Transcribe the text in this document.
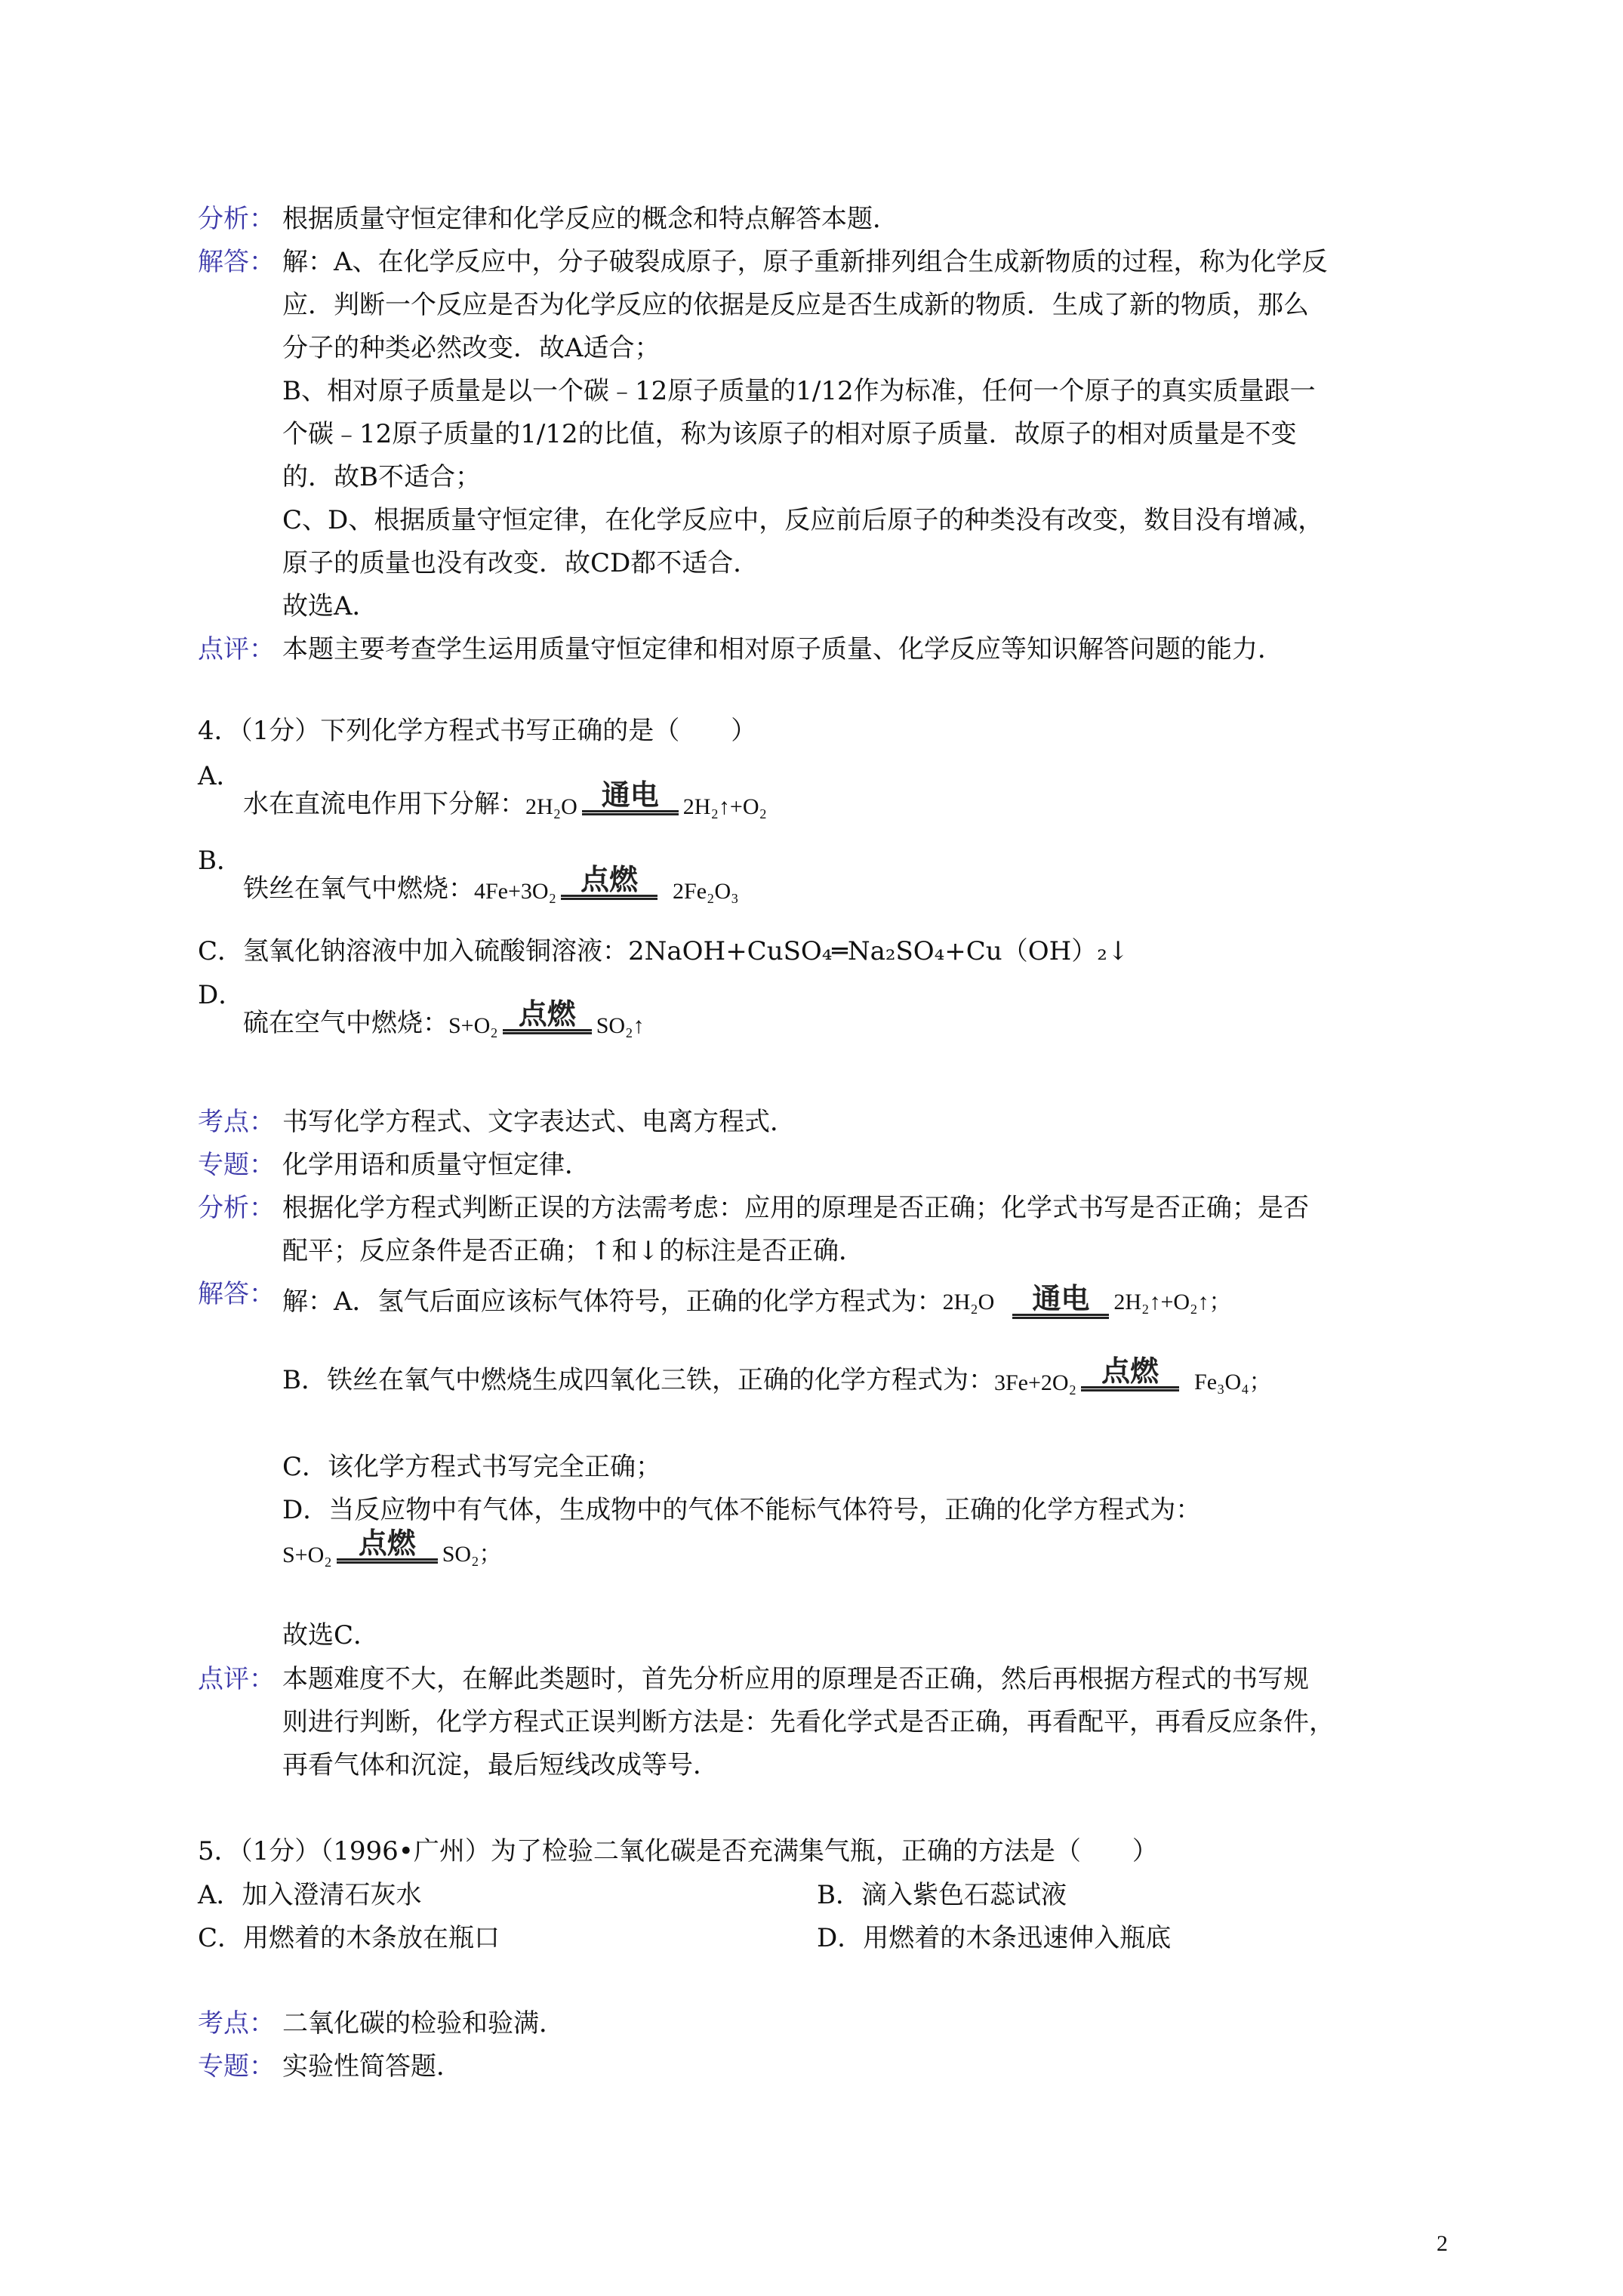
分析： 根据质量守恒定律和化学反应的概念和特点解答本题．
解答： 解：A、在化学反应中，分子破裂成原子，原子重新排列组合生成新物质的过程，称为化学反
应．判断一个反应是否为化学反应的依据是反应是否生成新的物质．生成了新的物质，那么
分子的种类必然改变．故A适合；
B、相对原子质量是以一个碳﹣12原子质量的1/12作为标准，任何一个原子的真实质量跟一
个碳﹣12原子质量的1/12的比值，称为该原子的相对原子质量．故原子的相对质量是不变
的．故B不适合；
C、D、根据质量守恒定律，在化学反应中，反应前后原子的种类没有改变，数目没有增减，
原子的质量也没有改变．故CD都不适合．
故选A．
点评： 本题主要考查学生运用质量守恒定律和相对原子质量、化学反应等知识解答问题的能力．
4．（1分）下列化学方程式书写正确的是（　　）
A．
水在直流电作用下分解： 2H₂O 通电 2H₂↑+O₂
B．
铁丝在氧气中燃烧： 4Fe+3O₂ 点燃 2Fe₂O₃
C．氢氧化钠溶液中加入硫酸铜溶液：2NaOH+CuSO₄═Na₂SO₄+Cu（OH）₂↓
D．
硫在空气中燃烧： S+O₂ 点燃 SO₂↑
考点： 书写化学方程式、文字表达式、电离方程式．
专题： 化学用语和质量守恒定律．
分析： 根据化学方程式判断正误的方法需考虑：应用的原理是否正确；化学式书写是否正确；是否
配平；反应条件是否正确；↑和↓的标注是否正确．
解答： 解：A．氢气后面应该标气体符号，正确的化学方程式为： 2H₂O 通电 2H₂↑+O₂↑；
B．铁丝在氧气中燃烧生成四氧化三铁，正确的化学方程式为： 3Fe+2O₂ 点燃 Fe₃O₄；
C．该化学方程式书写完全正确；
D．当反应物中有气体，生成物中的气体不能标气体符号，正确的化学方程式为：
S+O₂ 点燃 SO₂；
故选C．
点评： 本题难度不大，在解此类题时，首先分析应用的原理是否正确，然后再根据方程式的书写规
则进行判断，化学方程式正误判断方法是：先看化学式是否正确，再看配平，再看反应条件，
再看气体和沉淀，最后短线改成等号．
5．（1分）（1996•广州）为了检验二氧化碳是否充满集气瓶，正确的方法是（　　）
A．加入澄清石灰水	B．滴入紫色石蕊试液
C．用燃着的木条放在瓶口	D．用燃着的木条迅速伸入瓶底
考点： 二氧化碳的检验和验满．
专题： 实验性简答题．
2
